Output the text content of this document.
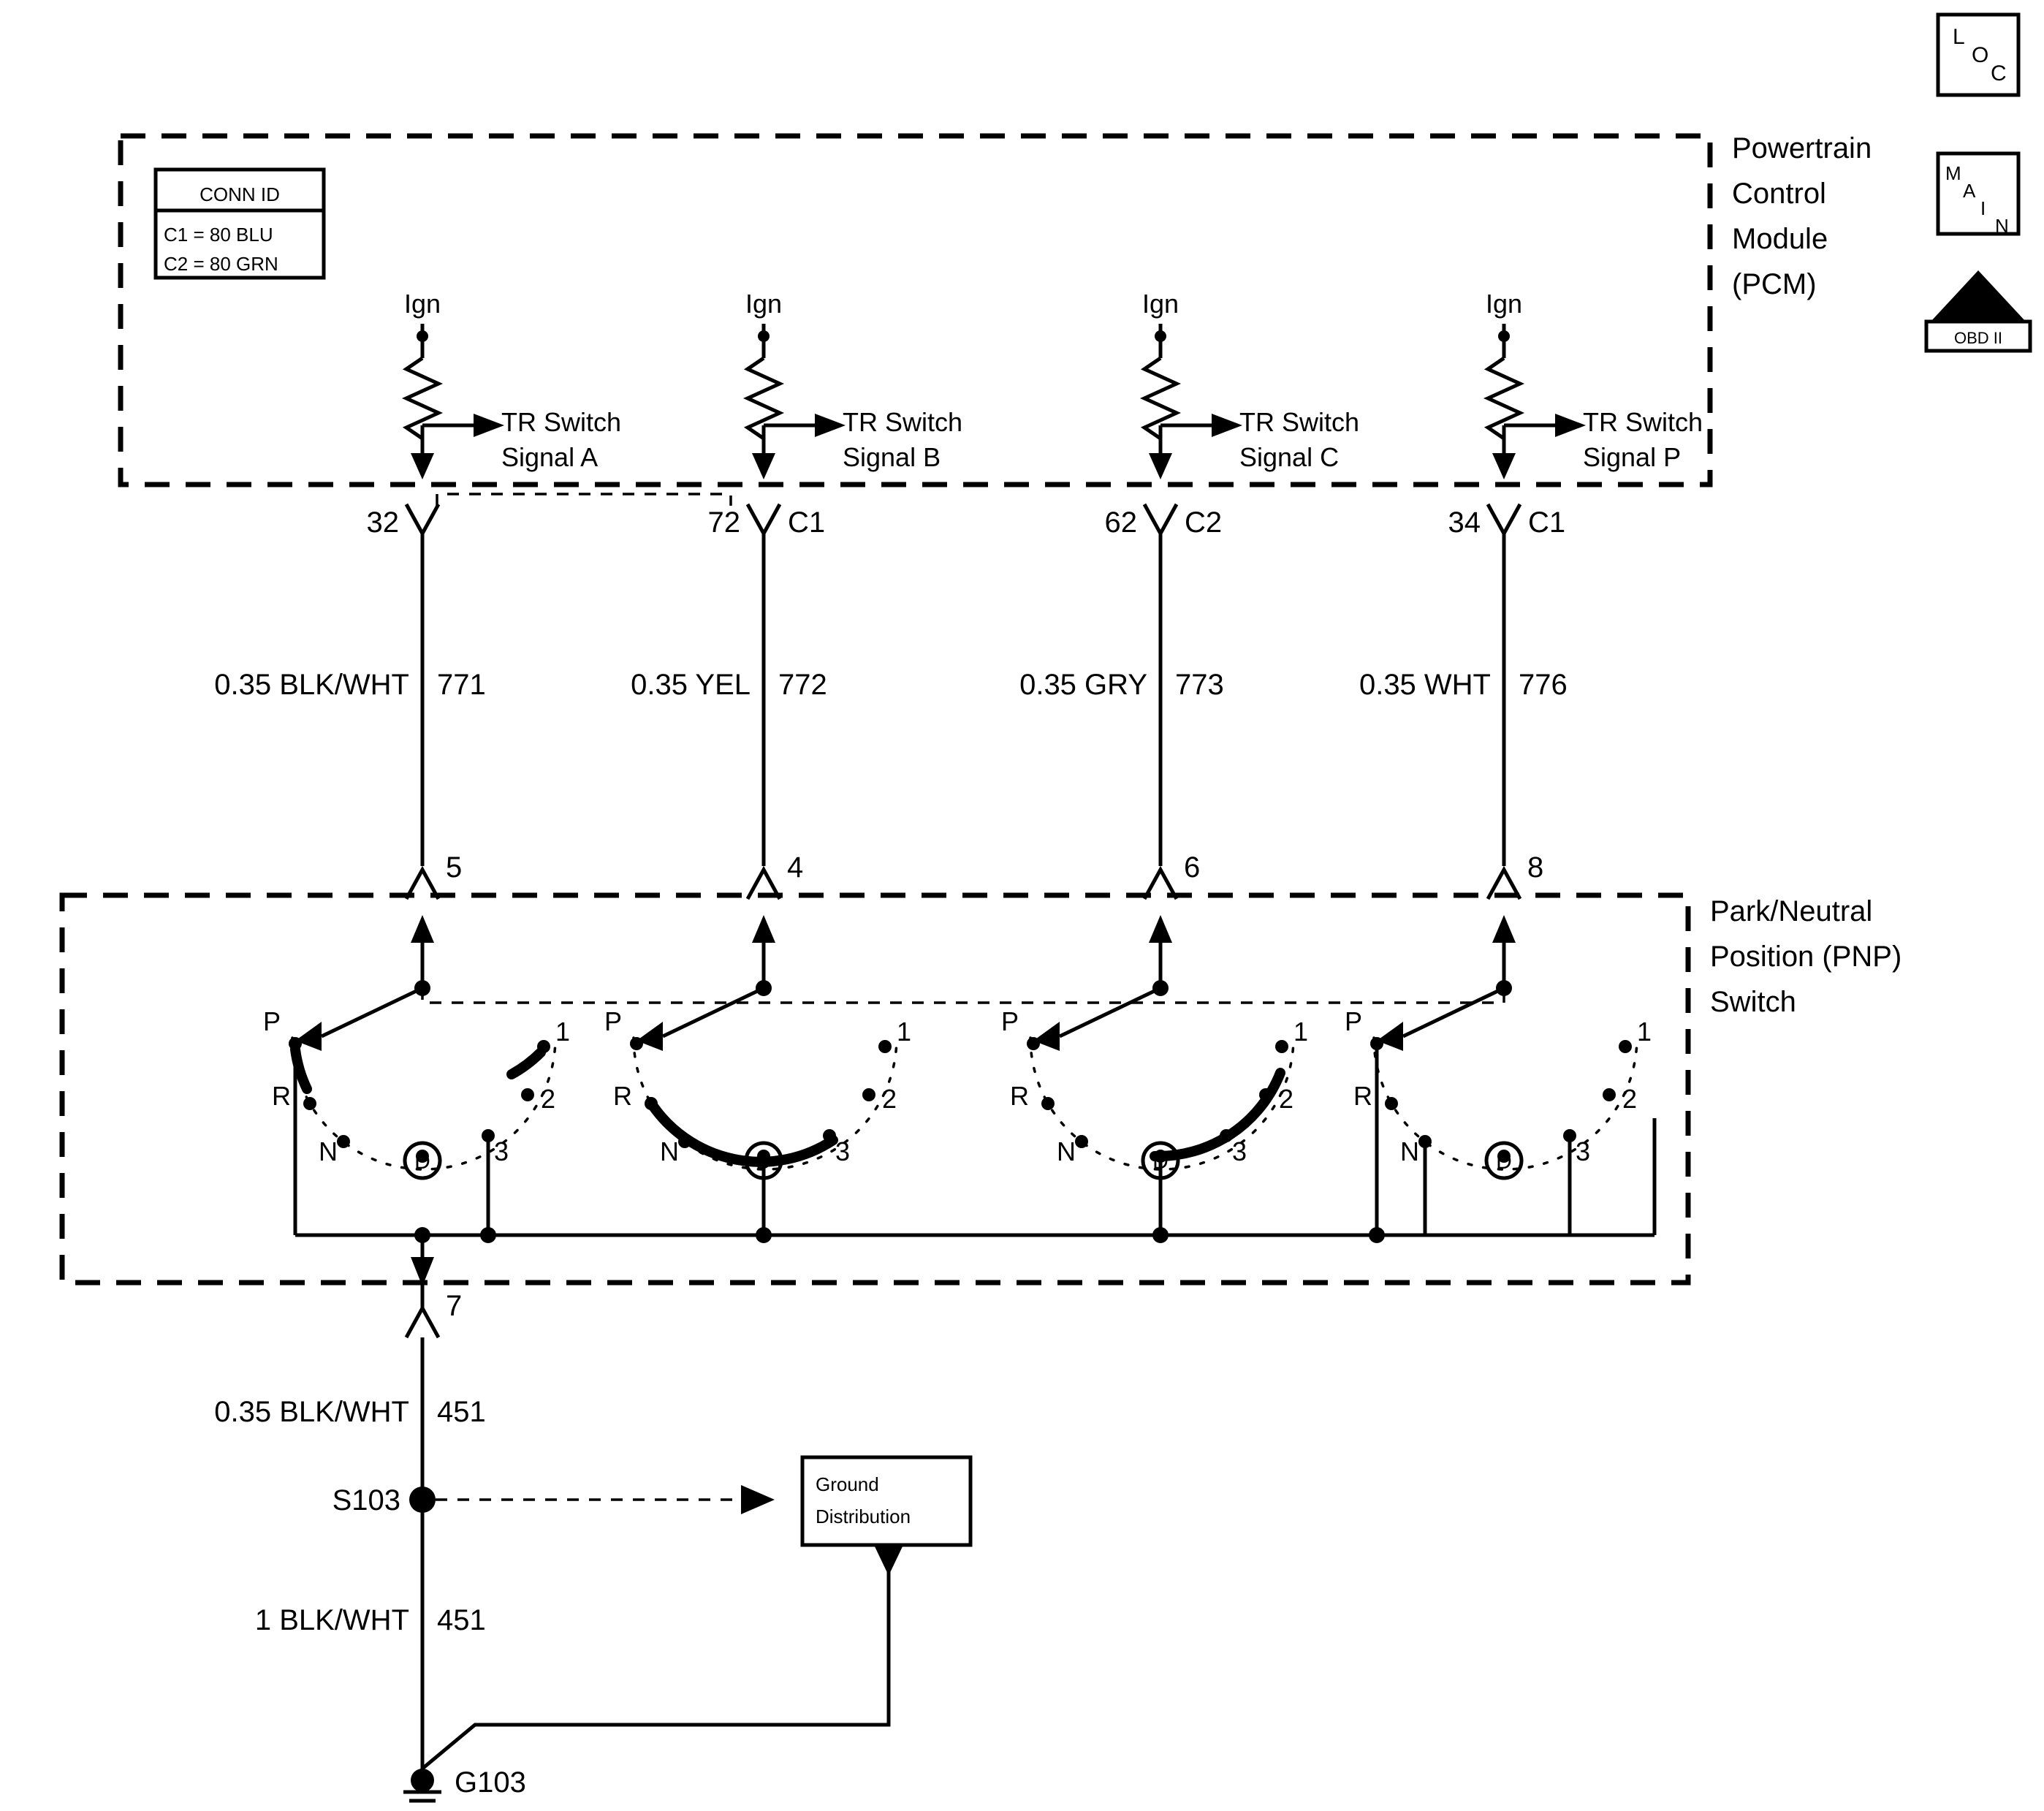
CONN ID
C1 = 80 BLU
C2 = 80 GRN
Powertrain
Control
Module
(PCM)
Ign
TR Switch
Signal A
Ign
TR Switch
Signal B
Ign
TR Switch
Signal C
Ign
TR Switch
Signal P
32	72 C1	62 C2	34 C1
0.35 BLK/WHT 771	0.35 YEL 772	0.35 GRY 773	0.35 WHT 776
5	4	6	8
Park/Neutral
Position (PNP)
Switch
P
R
N	D
1
2
3
P
R
N	D
1
2
3
P
R
N	D
1
2
3
P
R
N	D
1
2
3
7
0.35 BLK/WHT 451
1 BLK/WHT 451
S103	Ground
Distribution
G103
L
O
C
M
A
I
N
II
OBD II
